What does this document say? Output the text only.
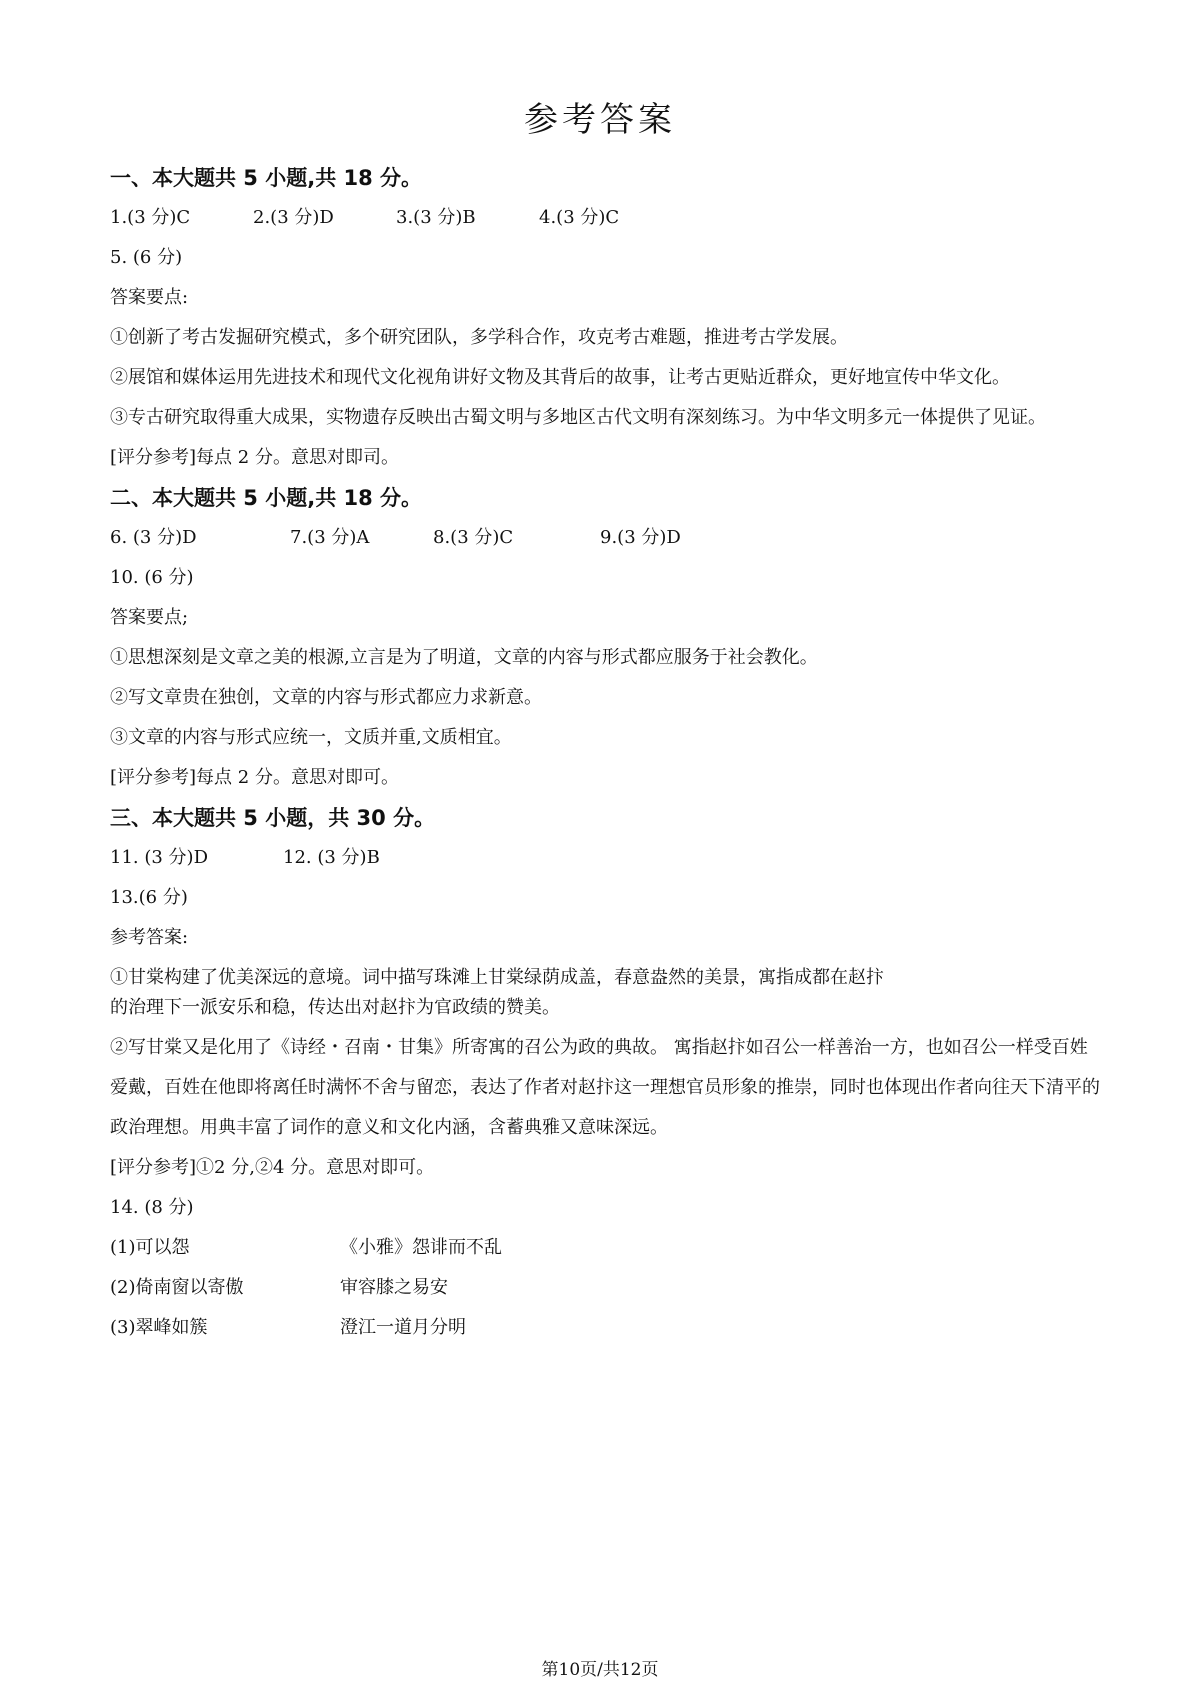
参考答案
一、本大题共 5 小题,共 18 分。
1.(3 分)C	2.(3 分)D	3.(3 分)B	4.(3 分)C
5. (6 分)
答案要点:
①创新了考古发掘研究模式，多个研究团队，多学科合作，攻克考古难题，推进考古学发展。
②展馆和媒体运用先进技术和现代文化视角讲好文物及其背后的故事，让考古更贴近群众，更好地宣传中华文化。
③专古研究取得重大成果，实物遗存反映出古蜀文明与多地区古代文明有深刻练习。为中华文明多元一体提供了见证。
[评分参考]每点 2 分。意思对即司。
二、本大题共 5 小题,共 18 分。
6. (3 分)D	7.(3 分)A	8.(3 分)C	9.(3 分)D
10. (6 分)
答案要点;
①思想深刻是文章之美的根源,立言是为了明道，文章的内容与形式都应服务于社会教化。
②写文章贵在独创，文章的内容与形式都应力求新意。
③文章的内容与形式应统一，文质并重,文质相宜。
[评分参考]每点 2 分。意思对即可。
三、本大题共 5 小题，共 30 分。
11. (3 分)D	12. (3 分)B
13.(6 分)
参考答案:
①甘棠构建了优美深远的意境。词中描写珠滩上甘棠绿荫成盖，春意盎然的美景，寓指成都在赵抃
的治理下一派安乐和稳，传达出对赵抃为官政绩的赞美。
②写甘棠又是化用了《诗经・召南・甘集》所寄寓的召公为政的典故。 寓指赵抃如召公一样善治一方，也如召公一样受百姓爱戴，百姓在他即将离任时满怀不舍与留恋，表达了作者对赵抃这一理想官员形象的推崇，同时也体现出作者向往天下清平的政治理想。用典丰富了词作的意义和文化内涵，含蓄典雅又意味深远。
[评分参考]①2 分,②4 分。意思对即可。
14. (8 分)
(1)可以怨	《小雅》怨诽而不乱
(2)倚南窗以寄傲	审容膝之易安
(3)翠峰如簇	澄江一道月分明
第10页/共12页
